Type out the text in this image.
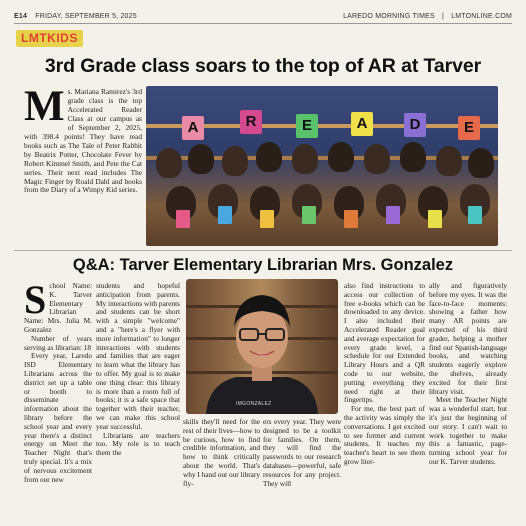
E14 FRIDAY, SEPTEMBER 5, 2025	LAREDO MORNING TIMES | LMTONLINE.COM
LMTKIDS
3rd Grade class soars to the top of AR at Tarver
Ms. Mariana Ramirez's 3rd grade class is the top Accelerated Reader Class at our campus as of September 2, 2025, with 398.4 points! They have read books such as The Tale of Peter Rabbit by Beatrix Potter, Chocolate Fever by Robert Kimmel Smith, and Pete the Cat series. Their next read includes The Magic Finger by Roald Dahl and books from the Diary of a Wimpy Kid series.
A	R	E	A	D	E
Q&A: Tarver Elementary Librarian Mrs. Gonzalez

School Name: K. Tarver Elementary Librarian Name: Mrs. Julia M. Gonzalez

Number of years serving as librarian: 18

Every year, Laredo ISD Elementary Librarians across the district set up a table or booth to disseminate information about the library before the school year and every year there's a distinct energy on Meet the Teacher Night that's truly special. It's a mix of nervous excitement from our new

students and hopeful anticipation from parents. My interactions with parents and students can be short with a simple "welcome" and a "here's a flyer with more information" to longer interactions with students and families that are eager to learn what the library has to offer. My goal is to make one thing clear: this library is more than a room full of books; it is a safe space that together with their teacher, we can make this school year successful.

Librarians are teachers too. My role is to teach them the

IMGONZALEZ

skills they'll need for the rest of their lives—how to be curious, how to find credible information, and how to think critically about the world. That's why I hand out our library fly-

ers every year. They were designed to be a toolkit for families. On them, they will find the passwords to our research databases—powerful, safe resources for any project. They will

also find instructions to access our collection of free e-books which can be downloaded to any device. I also included their Accelerated Reader goal and average expectation for every grade level, a schedule for our Extended Library Hours and a QR code to our website, putting everything they need right at their fingertips.

For me, the best part of the activity was simply the conversations. I get excited to see former and current students. It teaches my teacher's heart to see them grow liter-

ally and figuratively before my eyes. It was the face-to-face moments: showing a father how many AR points are expected of his third grader, helping a mother find our Spanish-language books, and watching students eagerly explore the shelves, already excited for their first library visit.

Meet the Teacher Night was a wonderful start, but it's just the beginning of our story. I can't wait to work together to make this a fantastic, page-turning school year for our K. Tarver students.
